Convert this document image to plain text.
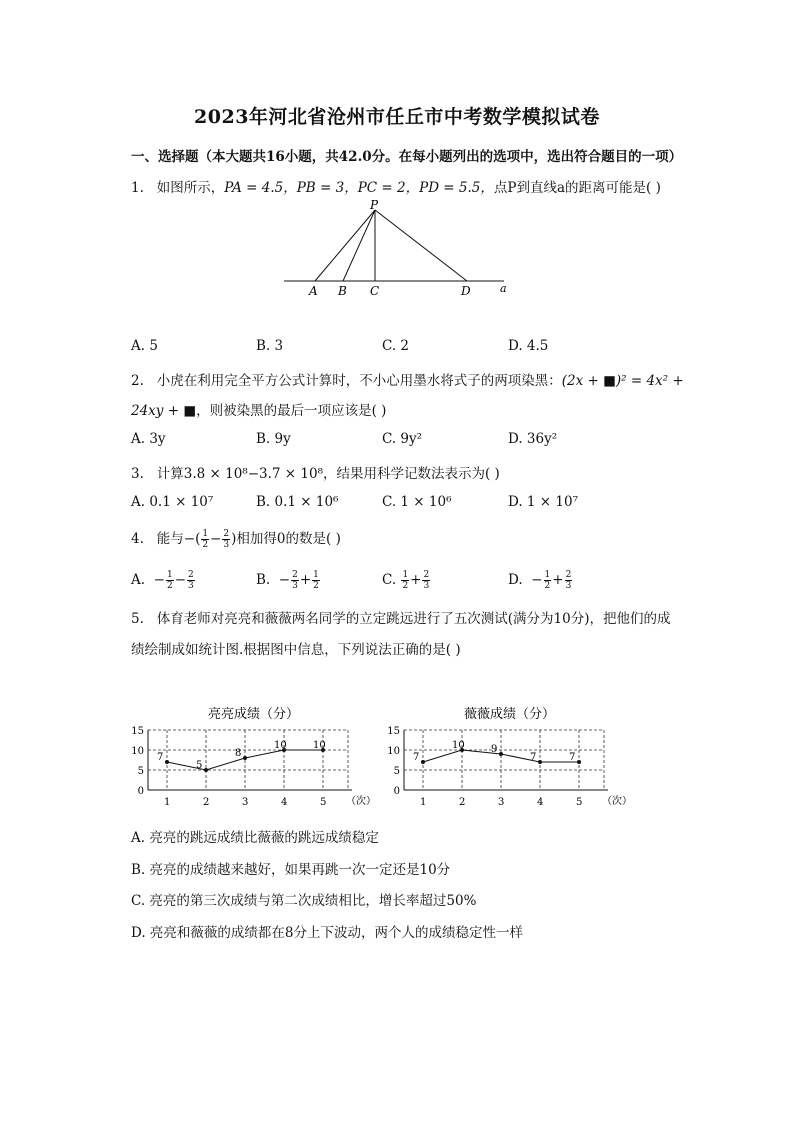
2023年河北省沧州市任丘市中考数学模拟试卷
一、选择题（本大题共16小题，共42.0分。在每小题列出的选项中，选出符合题目的一项）
1. 如图所示，PA = 4.5，PB = 3，PC = 2，PD = 5.5，点P到直线a的距离可能是( )
P
A B C	D	a
A. 5	B. 3	C. 2	D. 4.5
2. 小虎在利用完全平方公式计算时，不小心用墨水将式子的两项染黑：(2x + ■)² = 4x² +
24xy + ■，则被染黑的最后一项应该是( )
A. 3y	B. 9y	C. 9y²	D. 36y²
3. 计算3.8 × 10⁸−3.7 × 10⁸，结果用科学记数法表示为( )
A. 0.1 × 10⁷	B. 0.1 × 10⁶	C. 1 × 10⁶	D. 1 × 10⁷
4. 能与−( $\frac{1}{2} - \frac{2}{3}$ )相加得0的数是( )
A.  − $\frac{1}{2} - \frac{2}{3}$	B.  − $\frac{2}{3} + \frac{1}{2}$	C. $\frac{1}{2} + \frac{2}{3}$	D.  − $\frac{1}{2} + \frac{2}{3}$
5. 体育老师对亮亮和薇薇两名同学的立定跳远进行了五次测试(满分为10分)，把他们的成
绩绘制成如统计图.根据图中信息，下列说法正确的是( )
亮亮成绩（分）
0
5
10
15
1	2	3	4	5 （次）
7
5
8
10	10
薇薇成绩（分）
0
5
10
15
1	2	3	4	5 （次）
7
10	9
7	7
A. 亮亮的跳远成绩比薇薇的跳远成绩稳定
B. 亮亮的成绩越来越好，如果再跳一次一定还是10分
C. 亮亮的第三次成绩与第二次成绩相比，增长率超过50%
D. 亮亮和薇薇的成绩都在8分上下波动，两个人的成绩稳定性一样
